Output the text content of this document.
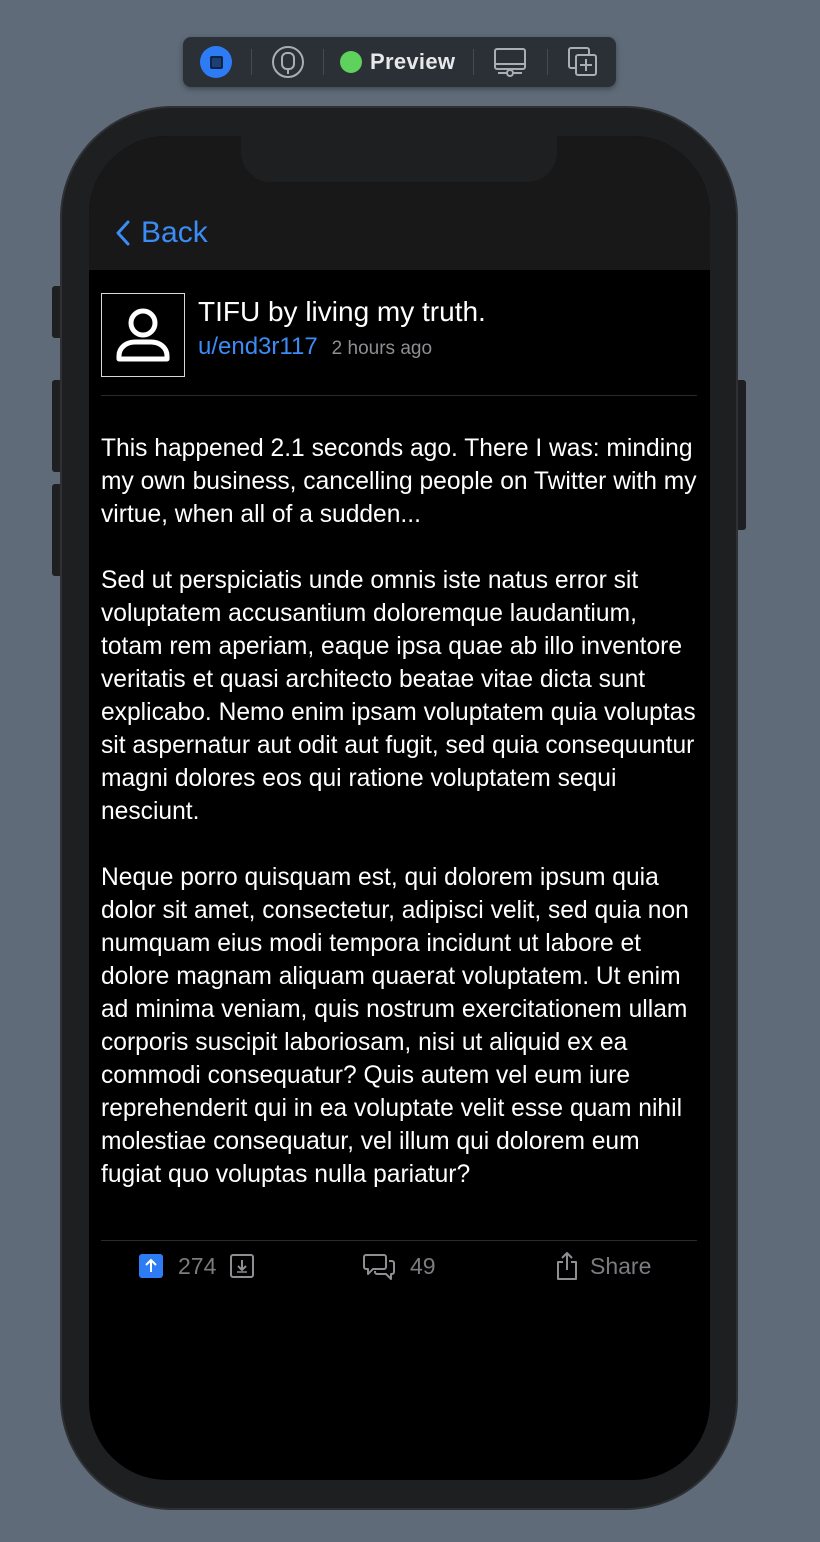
Preview
Back
TIFU by living my truth.
u/end3r117 2 hours ago

This happened 2.1 seconds ago. There I was: minding my own business, cancelling people on Twitter with my virtue, when all of a sudden...

Sed ut perspiciatis unde omnis iste natus error sit voluptatem accusantium doloremque laudantium, totam rem aperiam, eaque ipsa quae ab illo inventore veritatis et quasi architecto beatae vitae dicta sunt explicabo. Nemo enim ipsam voluptatem quia voluptas sit aspernatur aut odit aut fugit, sed quia consequuntur magni dolores eos qui ratione voluptatem sequi nesciunt.

Neque porro quisquam est, qui dolorem ipsum quia dolor sit amet, consectetur, adipisci velit, sed quia non numquam eius modi tempora incidunt ut labore et dolore magnam aliquam quaerat voluptatem. Ut enim ad minima veniam, quis nostrum exercitationem ullam corporis suscipit laboriosam, nisi ut aliquid ex ea commodi consequatur? Quis autem vel eum iure reprehenderit qui in ea voluptate velit esse quam nihil molestiae consequatur, vel illum qui dolorem eum fugiat quo voluptas nulla pariatur?

274	49	Share
